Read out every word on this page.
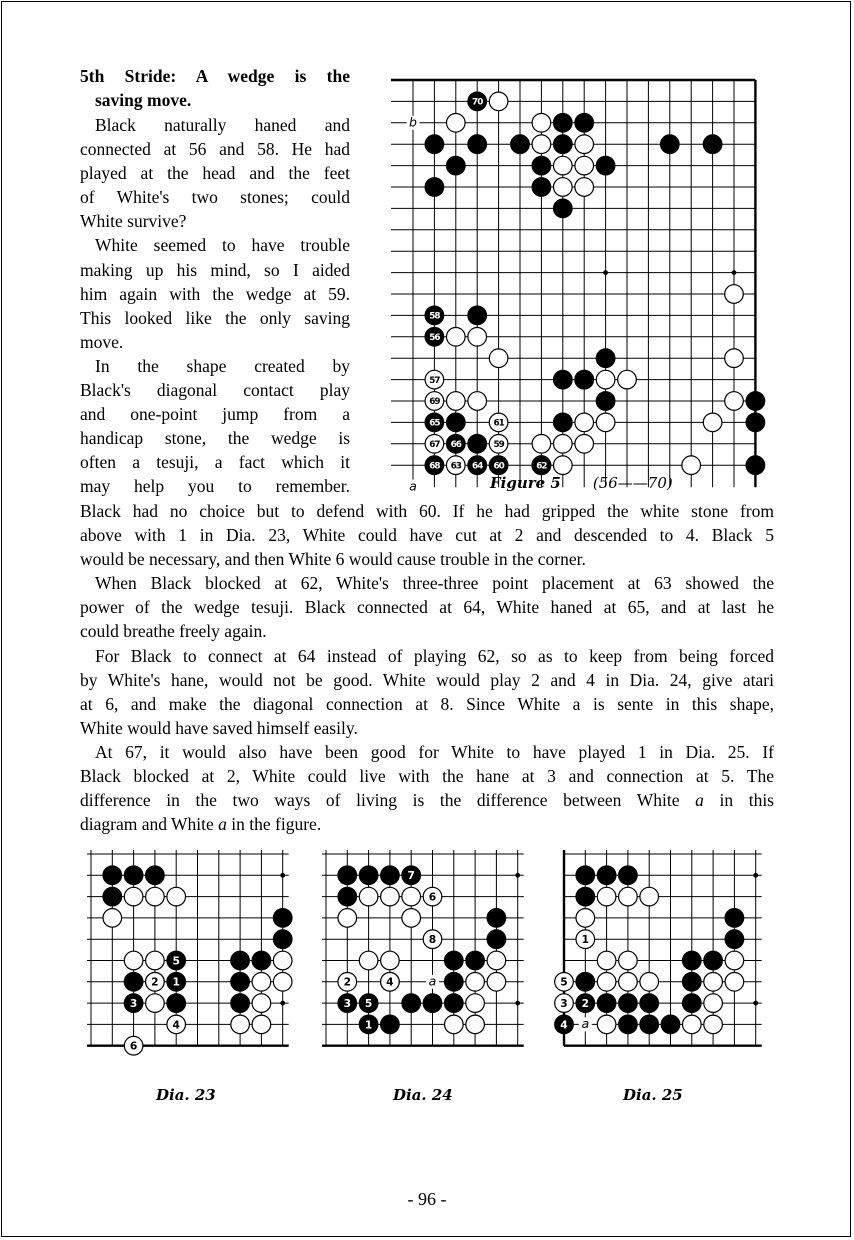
5th Stride: A wedge is the
saving move.

Black naturally haned and
connected at 56 and 58. He had
played at the head and the feet
of White's two stones; could
White survive?

White seemed to have trouble
making up his mind, so I aided
him again with the wedge at 59.
This looked like the only saving
move.

In the shape created by
Black's diagonal contact play
and one-point jump from a
handicap stone, the wedge is
often a tesuji, a fact which it
may help you to remember.

57
69
61
67	59
63
70
58
56
65
66
68	64 60	62
b
a	Figure 5 (56——70)

Black had no choice but to defend with 60. If he had gripped the white stone from
above with 1 in Dia. 23, White could have cut at 2 and descended to 4. Black 5
would be necessary, and then White 6 would cause trouble in the corner.

When Black blocked at 62, White's three-three point placement at 63 showed the
power of the wedge tesuji. Black connected at 64, White haned at 65, and at last he
could breathe freely again.

For Black to connect at 64 instead of playing 62, so as to keep from being forced
by White's hane, would not be good. White would play 2 and 4 in Dia. 24, give atari
at 6, and make the diagonal connection at 8. Since White a is sente in this shape,
White would have saved himself easily.

At 67, it would also have been good for White to have played 1 in Dia. 25. If
Black blocked at 2, White could live with the hane at 3 and connection at 5. The
difference in the two ways of living is the difference between White a in this
diagram and White a in the figure.

2
4
6
5
1
3
6
8
2	4
7
3 5
1
a
1
5
3 2
4 a
Dia. 23	Dia. 24	Dia. 25
- 96 -
